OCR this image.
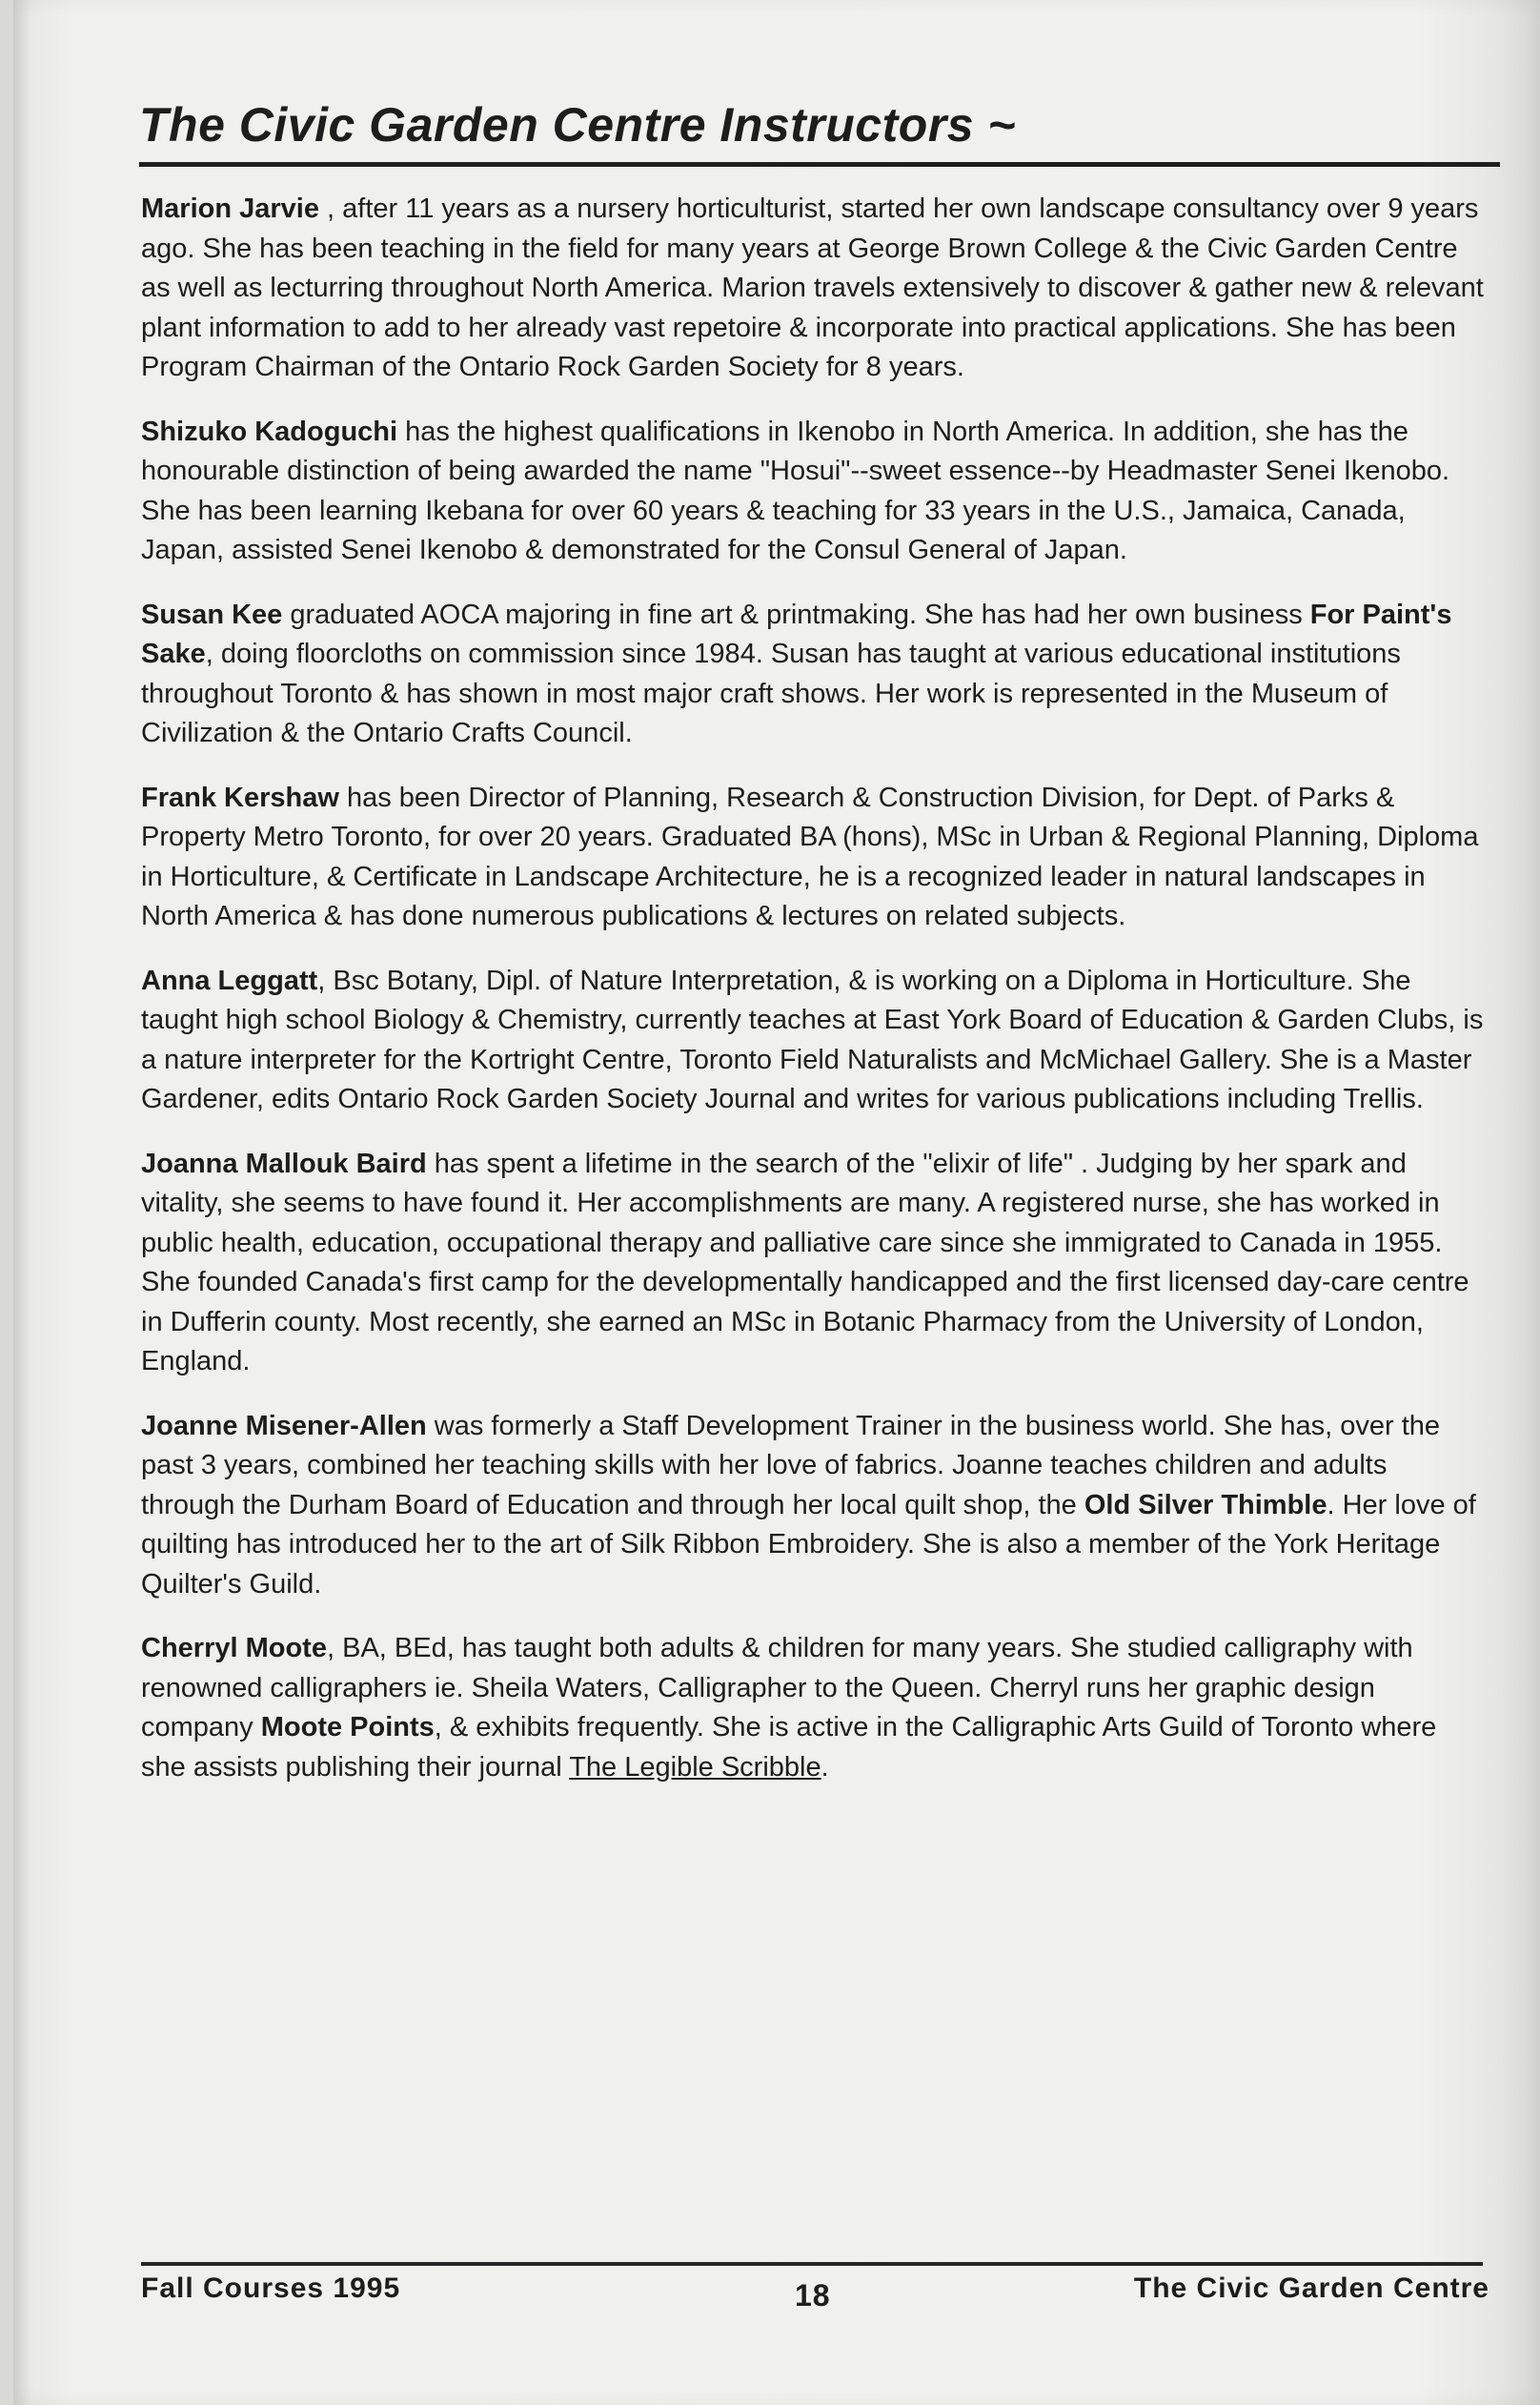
The Civic Garden Centre Instructors ~

Marion Jarvie , after 11 years as a nursery horticulturist, started her own landscape consultancy over 9 years ago. She has been teaching in the field for many years at George Brown College & the Civic Garden Centre as well as lecturring throughout North America. Marion travels extensively to discover & gather new & relevant plant information to add to her already vast repetoire & incorporate into practical applications. She has been Program Chairman of the Ontario Rock Garden Society for 8 years.

Shizuko Kadoguchi has the highest qualifications in Ikenobo in North America. In addition, she has the honourable distinction of being awarded the name "Hosui"--sweet essence--by Headmaster Senei Ikenobo. She has been learning Ikebana for over 60 years & teaching for 33 years in the U.S., Jamaica, Canada, Japan, assisted Senei Ikenobo & demonstrated for the Consul General of Japan.

Susan Kee graduated AOCA majoring in fine art & printmaking. She has had her own business For Paint's Sake, doing floorcloths on commission since 1984. Susan has taught at various educational institutions throughout Toronto & has shown in most major craft shows. Her work is represented in the Museum of Civilization & the Ontario Crafts Council.

Frank Kershaw has been Director of Planning, Research & Construction Division, for Dept. of Parks & Property Metro Toronto, for over 20 years. Graduated BA (hons), MSc in Urban & Regional Planning, Diploma in Horticulture, & Certificate in Landscape Architecture, he is a recognized leader in natural landscapes in North America & has done numerous publications & lectures on related subjects.

Anna Leggatt, Bsc Botany, Dipl. of Nature Interpretation, & is working on a Diploma in Horticulture. She taught high school Biology & Chemistry, currently teaches at East York Board of Education & Garden Clubs, is a nature interpreter for the Kortright Centre, Toronto Field Naturalists and McMichael Gallery. She is a Master Gardener, edits Ontario Rock Garden Society Journal and writes for various publications including Trellis.

Joanna Mallouk Baird has spent a lifetime in the search of the "elixir of life" . Judging by her spark and vitality, she seems to have found it. Her accomplishments are many. A registered nurse, she has worked in public health, education, occupational therapy and palliative care since she immigrated to Canada in 1955. She founded Canada's first camp for the developmentally handicapped and the first licensed day-care centre in Dufferin county. Most recently, she earned an MSc in Botanic Pharmacy from the University of London, England.

Joanne Misener-Allen was formerly a Staff Development Trainer in the business world. She has, over the past 3 years, combined her teaching skills with her love of fabrics. Joanne teaches children and adults through the Durham Board of Education and through her local quilt shop, the Old Silver Thimble. Her love of quilting has introduced her to the art of Silk Ribbon Embroidery. She is also a member of the York Heritage Quilter's Guild.

Cherryl Moote, BA, BEd, has taught both adults & children for many years. She studied calligraphy with renowned calligraphers ie. Sheila Waters, Calligrapher to the Queen. Cherryl runs her graphic design company Moote Points, & exhibits frequently. She is active in the Calligraphic Arts Guild of Toronto where she assists publishing their journal The Legible Scribble.

Fall Courses 1995	18	The Civic Garden Centre
